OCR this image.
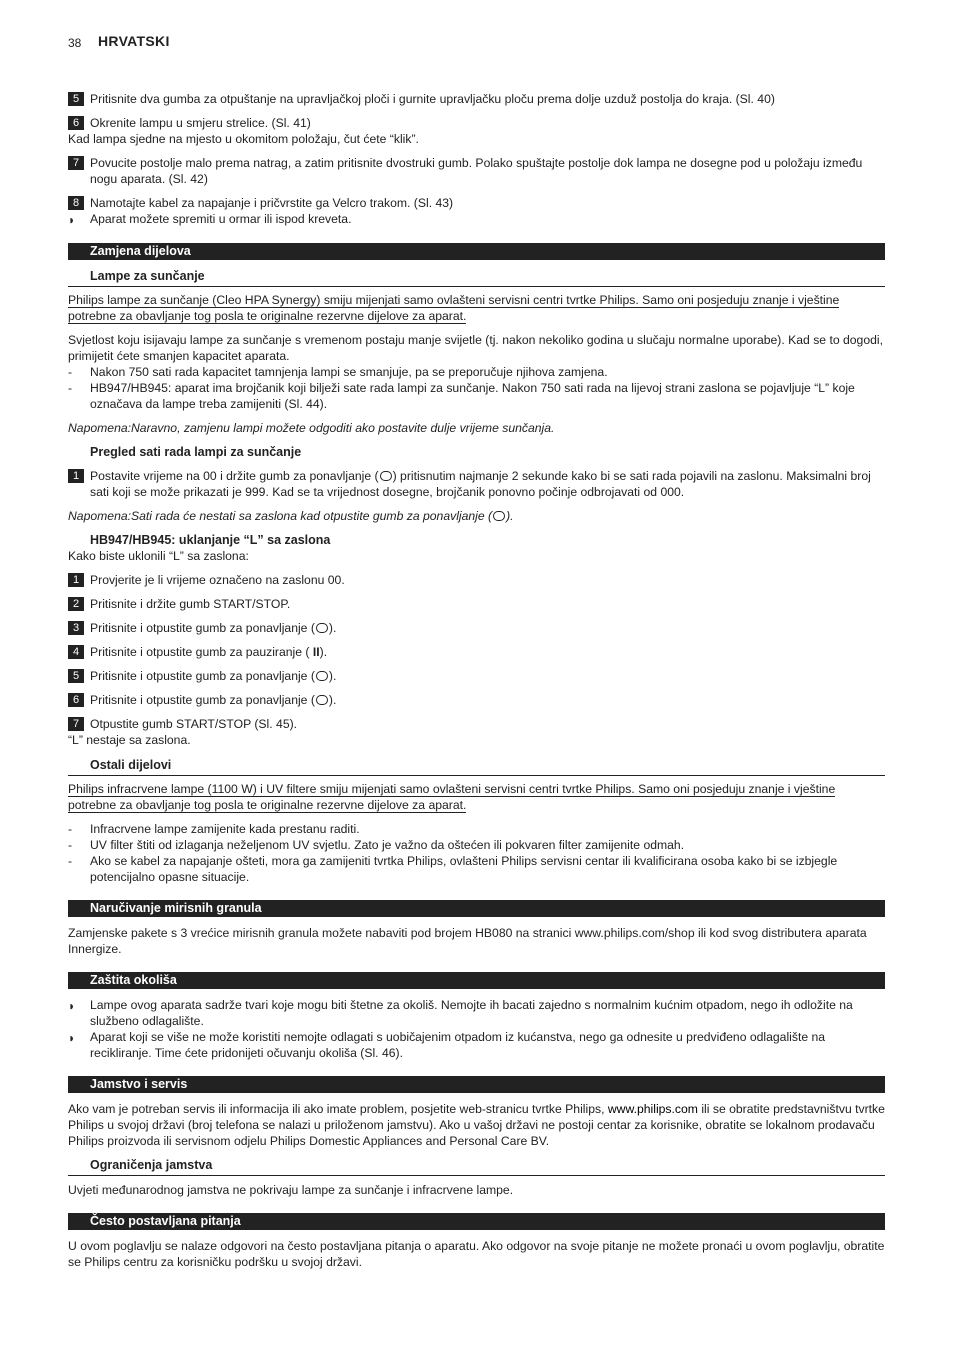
38 HRVATSKI
5 Pritisnite dva gumba za otpuštanje na upravljačkoj ploči i gurnite upravljačku ploču prema dolje uzduž postolja do kraja. (Sl. 40)
6 Okrenite lampu u smjeru strelice. (Sl. 41)
Kad lampa sjedne na mjesto u okomitom položaju, čut ćete “klik”.
7 Povucite postolje malo prema natrag, a zatim pritisnite dvostruki gumb. Polako spuštajte postolje dok lampa ne dosegne pod u položaju između nogu aparata. (Sl. 42)
8 Namotajte kabel za napajanje i pričvrstite ga Velcro trakom. (Sl. 43)
◗ Aparat možete spremiti u ormar ili ispod kreveta.
Zamjena dijelova
Lampe za sunčanje
Philips lampe za sunčanje (Cleo HPA Synergy) smiju mijenjati samo ovlašteni servisni centri tvrtke Philips. Samo oni posjeduju znanje i vještine potrebne za obavljanje tog posla te originalne rezervne dijelove za aparat.
Svjetlost koju isijavaju lampe za sunčanje s vremenom postaju manje svijetle (tj. nakon nekoliko godina u slučaju normalne uporabe). Kad se to dogodi, primijetit ćete smanjen kapacitet aparata.
- Nakon 750 sati rada kapacitet tamnjenja lampi se smanjuje, pa se preporučuje njihova zamjena.
- HB947/HB945: aparat ima brojčanik koji bilježi sate rada lampi za sunčanje. Nakon 750 sati rada na lijevoj strani zaslona se pojavljuje “L” koje označava da lampe treba zamijeniti (Sl. 44).
Napomena:Naravno, zamjenu lampi možete odgoditi ako postavite dulje vrijeme sunčanja.
Pregled sati rada lampi za sunčanje
1 Postavite vrijeme na 00 i držite gumb za ponavljanje ( ) pritisnutim najmanje 2 sekunde kako bi se sati rada pojavili na zaslonu. Maksimalni broj sati koji se može prikazati je 999. Kad se ta vrijednost dosegne, brojčanik ponovno počinje odbrojavati od 000.
Napomena:Sati rada će nestati sa zaslona kad otpustite gumb za ponavljanje ( ).
HB947/HB945: uklanjanje “L” sa zaslona
Kako biste uklonili “L” sa zaslona:
1 Provjerite je li vrijeme označeno na zaslonu 00.
2 Pritisnite i držite gumb START/STOP.
3 Pritisnite i otpustite gumb za ponavljanje ( ).
4 Pritisnite i otpustite gumb za pauziranje ( II).
5 Pritisnite i otpustite gumb za ponavljanje ( ).
6 Pritisnite i otpustite gumb za ponavljanje ( ).
7 Otpustite gumb START/STOP (Sl. 45).
“L” nestaje sa zaslona.
Ostali dijelovi
Philips infracrvene lampe (1100 W) i UV filtere smiju mijenjati samo ovlašteni servisni centri tvrtke Philips. Samo oni posjeduju znanje i vještine potrebne za obavljanje tog posla te originalne rezervne dijelove za aparat.
- Infracrvene lampe zamijenite kada prestanu raditi.
- UV filter štiti od izlaganja neželjenom UV svjetlu. Zato je važno da oštećen ili pokvaren filter zamijenite odmah.
- Ako se kabel za napajanje ošteti, mora ga zamijeniti tvrtka Philips, ovlašteni Philips servisni centar ili kvalificirana osoba kako bi se izbjegle potencijalno opasne situacije.
Naručivanje mirisnih granula
Zamjenske pakete s 3 vrećice mirisnih granula možete nabaviti pod brojem HB080 na stranici www.philips.com/shop ili kod svog distributera aparata Innergize.
Zaštita okoliša
◗ Lampe ovog aparata sadrže tvari koje mogu biti štetne za okoliš. Nemojte ih bacati zajedno s normalnim kućnim otpadom, nego ih odložite na službeno odlagalište.
◗ Aparat koji se više ne može koristiti nemojte odlagati s uobičajenim otpadom iz kućanstva, nego ga odnesite u predviđeno odlagalište na recikliranje. Time ćete pridonijeti očuvanju okoliša (Sl. 46).
Jamstvo i servis
Ako vam je potreban servis ili informacija ili ako imate problem, posjetite web-stranicu tvrtke Philips, www.philips.com ili se obratite predstavništvu tvrtke Philips u svojoj državi (broj telefona se nalazi u priloženom jamstvu). Ako u vašoj državi ne postoji centar za korisnike, obratite se lokalnom prodavaču Philips proizvoda ili servisnom odjelu Philips Domestic Appliances and Personal Care BV.
Ograničenja jamstva
Uvjeti međunarodnog jamstva ne pokrivaju lampe za sunčanje i infracrvene lampe.
Često postavljana pitanja
U ovom poglavlju se nalaze odgovori na često postavljana pitanja o aparatu. Ako odgovor na svoje pitanje ne možete pronaći u ovom poglavlju, obratite se Philips centru za korisničku podršku u svojoj državi.
